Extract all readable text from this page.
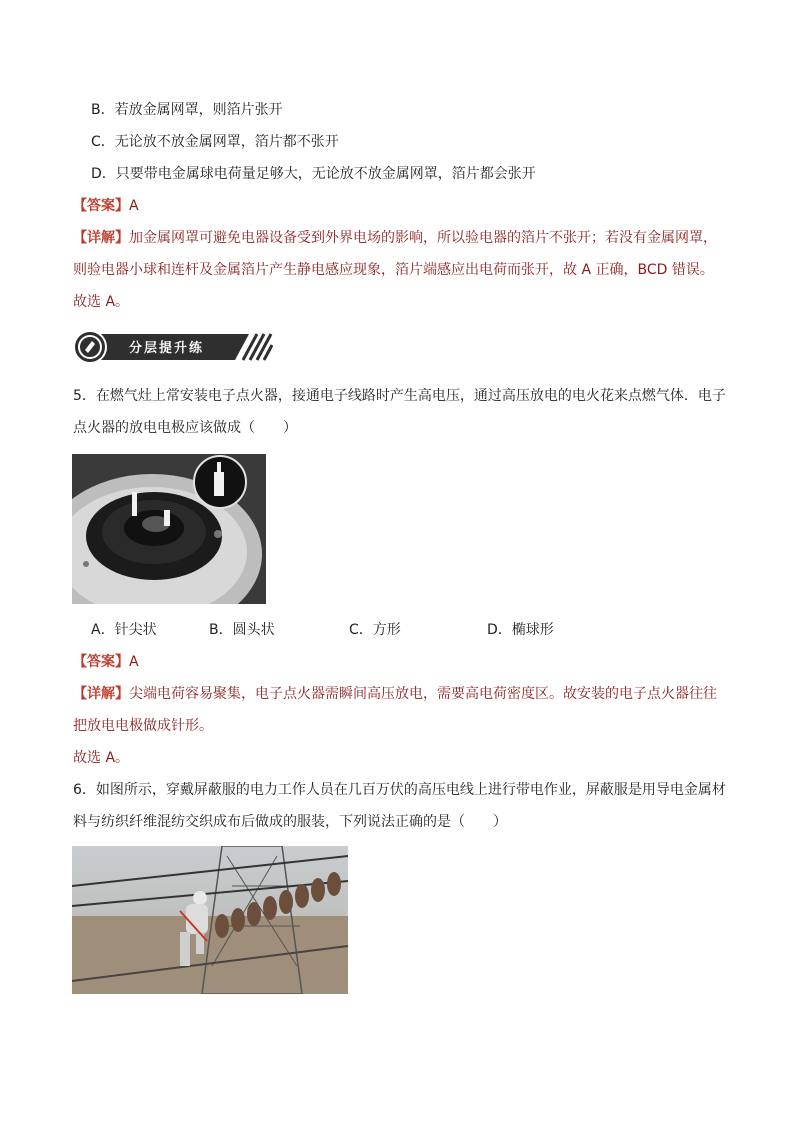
B．若放金属网罩，则箔片张开
C．无论放不放金属网罩，箔片都不张开
D．只要带电金属球电荷量足够大，无论放不放金属网罩，箔片都会张开
【答案】A
【详解】加金属网罩可避免电器设备受到外界电场的影响，所以验电器的箔片不张开；若没有金属网罩，
则验电器小球和连杆及金属箔片产生静电感应现象，箔片端感应出电荷而张开，故 A 正确，BCD 错误。
故选 A。
分层提升练
5．在燃气灶上常安装电子点火器，接通电子线路时产生高电压，通过高压放电的电火花来点燃气体．电子
点火器的放电电极应该做成（　　）
A．针尖状	B．圆头状	C．方形	D．椭球形
【答案】A
【详解】尖端电荷容易聚集，电子点火器需瞬间高压放电，需要高电荷密度区。故安装的电子点火器往往
把放电电极做成针形。
故选 A。
6．如图所示，穿戴屏蔽服的电力工作人员在几百万伏的高压电线上进行带电作业，屏蔽服是用导电金属材
料与纺织纤维混纺交织成布后做成的服装，下列说法正确的是（　　）
